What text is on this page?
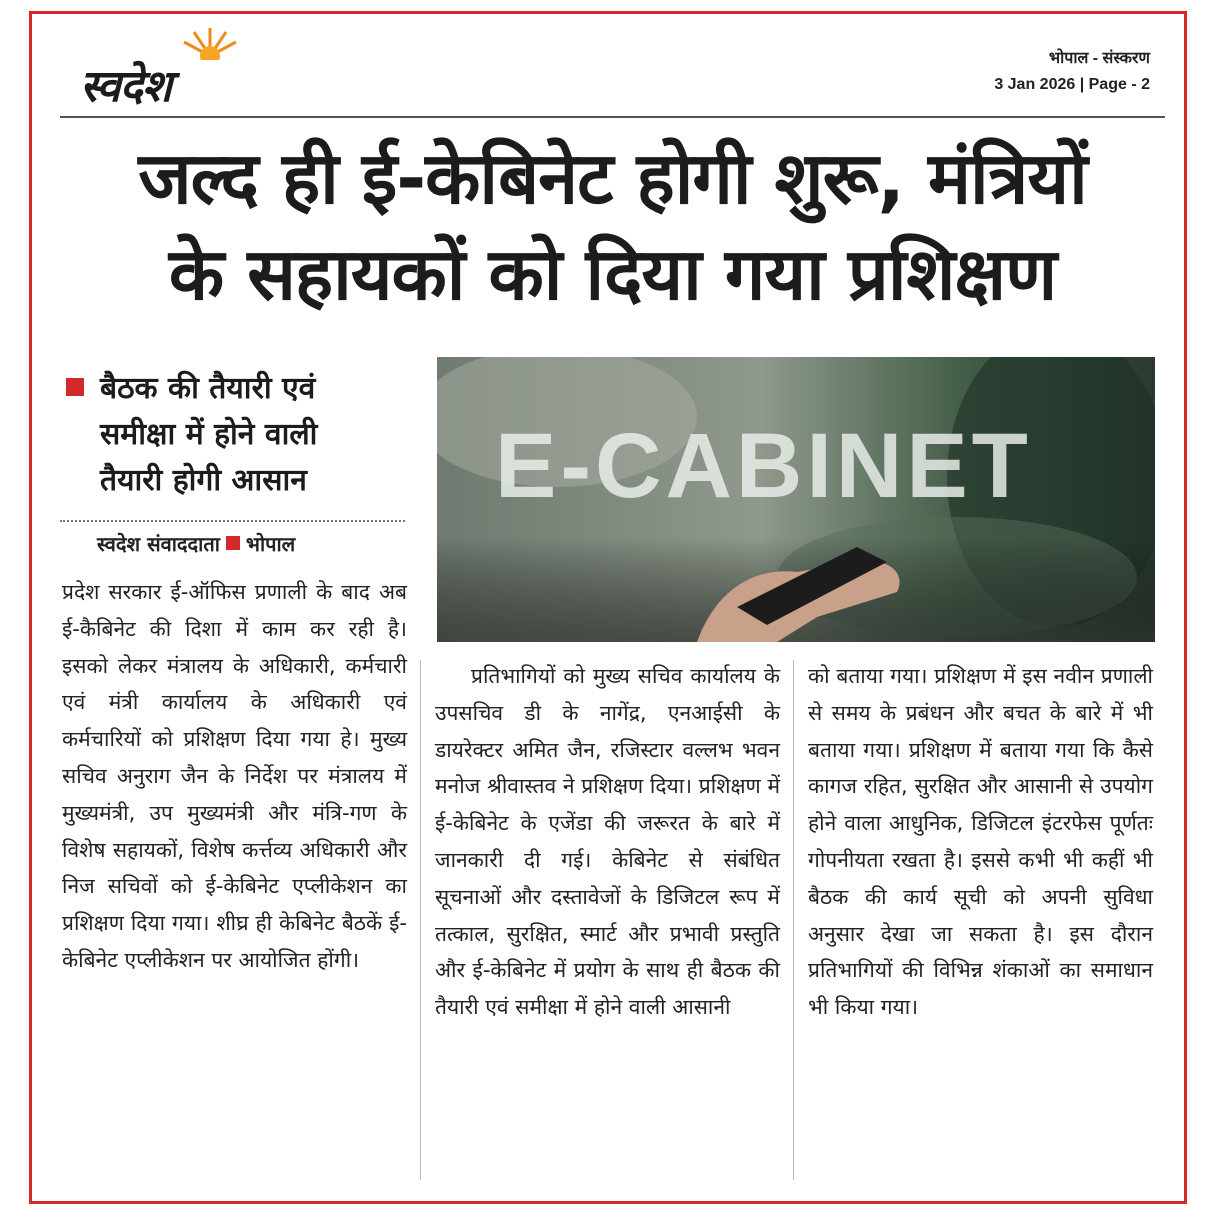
स्वदेश
भोपाल - संस्करण
3 Jan 2026 | Page - 2
जल्द ही ई-केबिनेट होगी शुरू, मंत्रियों
के सहायकों को दिया गया प्रशिक्षण
बैठक की तैयारी एवं
समीक्षा में होने वाली
तैयारी होगी आसान
स्वदेश संवाददाता भोपाल
E-CABINET
प्रदेश सरकार ई-ऑफिस प्रणाली के बाद अब ई-कैबिनेट की दिशा में काम कर रही है। इसको लेकर मंत्रालय के अधिकारी, कर्मचारी एवं मंत्री कार्यालय के अधिकारी एवं कर्मचारियों को प्रशिक्षण दिया गया हे। मुख्य सचिव अनुराग जैन के निर्देश पर मंत्रालय में मुख्यमंत्री, उप मुख्यमंत्री और मंत्रि-गण के विशेष सहायकों, विशेष कर्त्तव्य अधिकारी और निज सचिवों को ई-केबिनेट एप्लीकेशन का प्रशिक्षण दिया गया। शीघ्र ही केबिनेट बैठकें ई-केबिनेट एप्लीकेशन पर आयोजित होंगी।
प्रतिभागियों को मुख्य सचिव कार्यालय के उपसचिव डी के नागेंद्र, एनआईसी के डायरेक्टर अमित जैन, रजिस्टार वल्लभ भवन मनोज श्रीवास्तव ने प्रशिक्षण दिया। प्रशिक्षण में ई-केबिनेट के एजेंडा की जरूरत के बारे में जानकारी दी गई। केबिनेट से संबंधित सूचनाओं और दस्तावेजों के डिजिटल रूप में तत्काल, सुरक्षित, स्मार्ट और प्रभावी प्रस्तुति और ई-केबिनेट में प्रयोग के साथ ही बैठक की तैयारी एवं समीक्षा में होने वाली आसानी
को बताया गया। प्रशिक्षण में इस नवीन प्रणाली से समय के प्रबंधन और बचत के बारे में भी बताया गया। प्रशिक्षण में बताया गया कि कैसे कागज रहित, सुरक्षित और आसानी से उपयोग होने वाला आधुनिक, डिजिटल इंटरफेस पूर्णतः गोपनीयता रखता है। इससे कभी भी कहीं भी बैठक की कार्य सूची को अपनी सुविधा अनुसार देखा जा सकता है। इस दौरान प्रतिभागियों की विभिन्न शंकाओं का समाधान भी किया गया।
